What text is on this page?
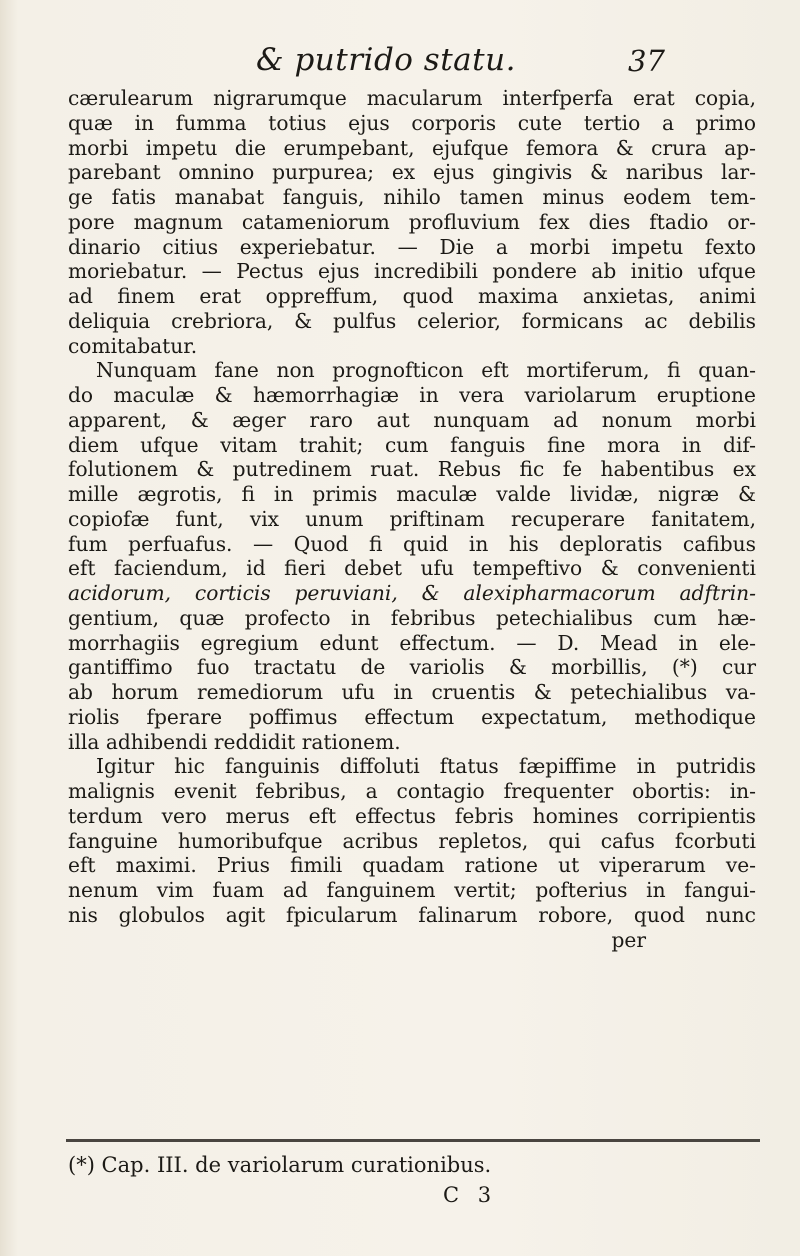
& putrido statu.	37
cærulearum nigrarumque macularum interfperfa erat copia,
quæ in fumma totius ejus corporis cute tertio a primo
morbi impetu die erumpebant, ejufque femora & crura ap-
parebant omnino purpurea; ex ejus gingivis & naribus lar-
ge fatis manabat fanguis, nihilo tamen minus eodem tem-
pore magnum catameniorum profluvium fex dies ftadio or-
dinario citius experiebatur. — Die a morbi impetu fexto
moriebatur. — Pectus ejus incredibili pondere ab initio ufque
ad finem erat oppreffum, quod maxima anxietas, animi
deliquia crebriora, & pulfus celerior, formicans ac debilis
comitabatur.
Nunquam fane non prognofticon eft mortiferum, fi quan-
do maculæ & hæmorrhagiæ in vera variolarum eruptione
apparent, & æger raro aut nunquam ad nonum morbi
diem ufque vitam trahit; cum fanguis fine mora in dif-
folutionem & putredinem ruat. Rebus fic fe habentibus ex
mille ægrotis, fi in primis maculæ valde lividæ, nigræ &
copiofæ funt, vix unum priftinam recuperare fanitatem,
fum perfuafus. — Quod fi quid in his deploratis cafibus
eft faciendum, id fieri debet ufu tempeftivo & convenienti
acidorum, corticis peruviani, & alexipharmacorum adftrin-
gentium, quæ profecto in febribus petechialibus cum hæ-
morrhagiis egregium edunt effectum. — D. Mead in ele-
gantiffimo fuo tractatu de variolis & morbillis, (*) cur
ab horum remediorum ufu in cruentis & petechialibus va-
riolis fperare poffimus effectum expectatum, methodique
illa adhibendi reddidit rationem.
Igitur hic fanguinis diffoluti ftatus fæpiffime in putridis
malignis evenit febribus, a contagio frequenter obortis: in-
terdum vero merus eft effectus febris homines corripientis
fanguine humoribufque acribus repletos, qui cafus fcorbuti
eft maximi. Prius fimili quadam ratione ut viperarum ve-
nenum vim fuam ad fanguinem vertit; pofterius in fangui-
nis globulos agit fpicularum falinarum robore, quod nunc
per
(*) Cap. III. de variolarum curationibus.
C 3
